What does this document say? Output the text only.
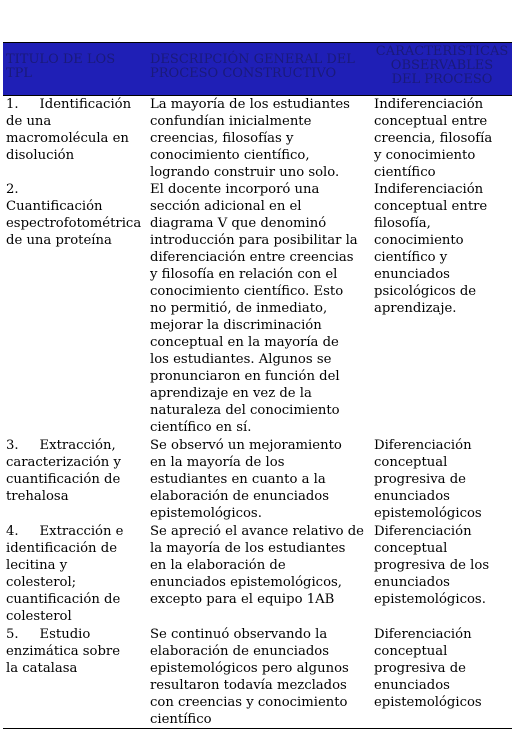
TITULO DE LOS
TPL
DESCRIPCIÓN GENERAL DEL
PROCESO CONSTRUCTIVO
CARACTERISTICAS
OBSERVABLES
DEL PROCESO
1.     Identificación
de una
macromolécula en
disolución
La mayoría de los estudiantes
confundían inicialmente
creencias, filosofías y
conocimiento científico,
logrando construir uno solo.
Indiferenciación
conceptual entre
creencia, filosofía
y conocimiento
científico
2.
Cuantificación
espectrofotométrica
de una proteína
El docente incorporó una
sección adicional en el
diagrama V que denominó
introducción para posibilitar la
diferenciación entre creencias
y filosofía en relación con el
conocimiento científico. Esto
no permitió, de inmediato,
mejorar la discriminación
conceptual en la mayoría de
los estudiantes. Algunos se
pronunciaron en función del
aprendizaje en vez de la
naturaleza del conocimiento
científico en sí.
Indiferenciación
conceptual entre
filosofía,
conocimiento
científico y
enunciados
psicológicos de
aprendizaje.
3.     Extracción,
caracterización y
cuantificación de
trehalosa
Se observó un mejoramiento
en la mayoría de los
estudiantes en cuanto a la
elaboración de enunciados
epistemológicos.
Diferenciación
conceptual
progresiva de
enunciados
epistemológicos
4.     Extracción e
identificación de
lecitina y
colesterol;
cuantificación de
colesterol
Se apreció el avance relativo de
la mayoría de los estudiantes
en la elaboración de
enunciados epistemológicos,
excepto para el equipo 1AB
Diferenciación
conceptual
progresiva de los
enunciados
epistemológicos.
5.     Estudio
enzimática sobre
la catalasa
Se continuó observando la
elaboración de enunciados
epistemológicos pero algunos
resultaron todavía mezclados
con creencias y conocimiento
científico
Diferenciación
conceptual
progresiva de
enunciados
epistemológicos
